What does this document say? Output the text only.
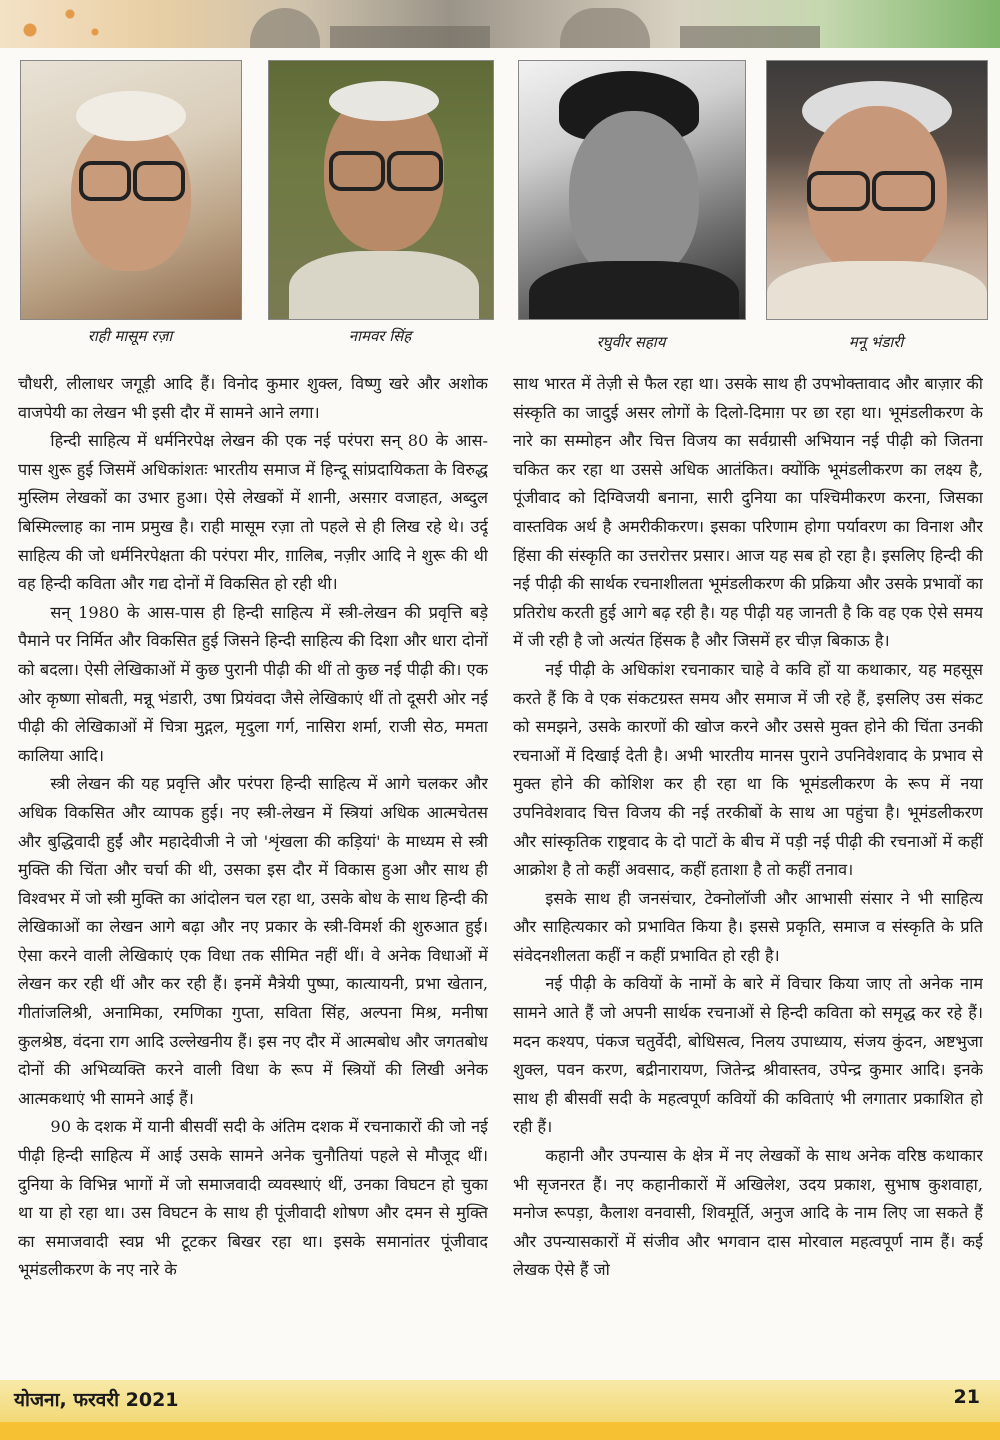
राही मासूम रज़ा	नामवर सिंह	रघुवीर सहाय	मनू भंडारी

चौधरी, लीलाधर जगूड़ी आदि हैं। विनोद कुमार शुक्ल, विष्णु खरे और अशोक वाजपेयी का लेखन भी इसी दौर में सामने आने लगा।

हिन्दी साहित्य में धर्मनिरपेक्ष लेखन की एक नई परंपरा सन् 80 के आस-पास शुरू हुई जिसमें अधिकांशतः भारतीय समाज में हिन्दू सांप्रदायिकता के विरुद्ध मुस्लिम लेखकों का उभार हुआ। ऐसे लेखकों में शानी, असग़र वजाहत, अब्दुल बिस्मिल्लाह का नाम प्रमुख है। राही मासूम रज़ा तो पहले से ही लिख रहे थे। उर्दू साहित्य की जो धर्मनिरपेक्षता की परंपरा मीर, ग़ालिब, नज़ीर आदि ने शुरू की थी वह हिन्दी कविता और गद्य दोनों में विकसित हो रही थी।

सन् 1980 के आस-पास ही हिन्दी साहित्य में स्त्री-लेखन की प्रवृत्ति बड़े पैमाने पर निर्मित और विकसित हुई जिसने हिन्दी साहित्य की दिशा और धारा दोनों को बदला। ऐसी लेखिकाओं में कुछ पुरानी पीढ़ी की थीं तो कुछ नई पीढ़ी की। एक ओर कृष्णा सोबती, मन्नू भंडारी, उषा प्रियंवदा जैसे लेखिकाएं थीं तो दूसरी ओर नई पीढ़ी की लेखिकाओं में चित्रा मुद्गल, मृदुला गर्ग, नासिरा शर्मा, राजी सेठ, ममता कालिया आदि।

स्त्री लेखन की यह प्रवृत्ति और परंपरा हिन्दी साहित्य में आगे चलकर और अधिक विकसित और व्यापक हुई। नए स्त्री-लेखन में स्त्रियां अधिक आत्मचेतस और बुद्धिवादी हुईं और महादेवीजी ने जो 'शृंखला की कड़ियां' के माध्यम से स्त्री मुक्ति की चिंता और चर्चा की थी, उसका इस दौर में विकास हुआ और साथ ही विश्वभर में जो स्त्री मुक्ति का आंदोलन चल रहा था, उसके बोध के साथ हिन्दी की लेखिकाओं का लेखन आगे बढ़ा और नए प्रकार के स्त्री-विमर्श की शुरुआत हुई। ऐसा करने वाली लेखिकाएं एक विधा तक सीमित नहीं थीं। वे अनेक विधाओं में लेखन कर रही थीं और कर रही हैं। इनमें मैत्रेयी पुष्पा, कात्यायनी, प्रभा खेतान, गीतांजलिश्री, अनामिका, रमणिका गुप्ता, सविता सिंह, अल्पना मिश्र, मनीषा कुलश्रेष्ठ, वंदना राग आदि उल्लेखनीय हैं। इस नए दौर में आत्मबोध और जगतबोध दोनों की अभिव्यक्ति करने वाली विधा के रूप में स्त्रियों की लिखी अनेक आत्मकथाएं भी सामने आई हैं।

90 के दशक में यानी बीसवीं सदी के अंतिम दशक में रचनाकारों की जो नई पीढ़ी हिन्दी साहित्य में आई उसके सामने अनेक चुनौतियां पहले से मौजूद थीं। दुनिया के विभिन्न भागों में जो समाजवादी व्यवस्थाएं थीं, उनका विघटन हो चुका था या हो रहा था। उस विघटन के साथ ही पूंजीवादी शोषण और दमन से मुक्ति का समाजवादी स्वप्न भी टूटकर बिखर रहा था। इसके समानांतर पूंजीवाद भूमंडलीकरण के नए नारे के

साथ भारत में तेज़ी से फैल रहा था। उसके साथ ही उपभोक्तावाद और बाज़ार की संस्कृति का जादुई असर लोगों के दिलो-दिमाग़ पर छा रहा था। भूमंडलीकरण के नारे का सम्मोहन और चित्त विजय का सर्वग्रासी अभियान नई पीढ़ी को जितना चकित कर रहा था उससे अधिक आतंकित। क्योंकि भूमंडलीकरण का लक्ष्य है, पूंजीवाद को दिग्विजयी बनाना, सारी दुनिया का पश्चिमीकरण करना, जिसका वास्तविक अर्थ है अमरीकीकरण। इसका परिणाम होगा पर्यावरण का विनाश और हिंसा की संस्कृति का उत्तरोत्तर प्रसार। आज यह सब हो रहा है। इसलिए हिन्दी की नई पीढ़ी की सार्थक रचनाशीलता भूमंडलीकरण की प्रक्रिया और उसके प्रभावों का प्रतिरोध करती हुई आगे बढ़ रही है। यह पीढ़ी यह जानती है कि वह एक ऐसे समय में जी रही है जो अत्यंत हिंसक है और जिसमें हर चीज़ बिकाऊ है।

नई पीढ़ी के अधिकांश रचनाकार चाहे वे कवि हों या कथाकार, यह महसूस करते हैं कि वे एक संकटग्रस्त समय और समाज में जी रहे हैं, इसलिए उस संकट को समझने, उसके कारणों की खोज करने और उससे मुक्त होने की चिंता उनकी रचनाओं में दिखाई देती है। अभी भारतीय मानस पुराने उपनिवेशवाद के प्रभाव से मुक्त होने की कोशिश कर ही रहा था कि भूमंडलीकरण के रूप में नया उपनिवेशवाद चित्त विजय की नई तरकीबों के साथ आ पहुंचा है। भूमंडलीकरण और सांस्कृतिक राष्ट्रवाद के दो पाटों के बीच में पड़ी नई पीढ़ी की रचनाओं में कहीं आक्रोश है तो कहीं अवसाद, कहीं हताशा है तो कहीं तनाव।

इसके साथ ही जनसंचार, टेक्नोलॉजी और आभासी संसार ने भी साहित्य और साहित्यकार को प्रभावित किया है। इससे प्रकृति, समाज व संस्कृति के प्रति संवेदनशीलता कहीं न कहीं प्रभावित हो रही है।

नई पीढ़ी के कवियों के नामों के बारे में विचार किया जाए तो अनेक नाम सामने आते हैं जो अपनी सार्थक रचनाओं से हिन्दी कविता को समृद्ध कर रहे हैं। मदन कश्यप, पंकज चतुर्वेदी, बोधिसत्व, निलय उपाध्याय, संजय कुंदन, अष्टभुजा शुक्ल, पवन करण, बद्रीनारायण, जितेन्द्र श्रीवास्तव, उपेन्द्र कुमार आदि। इनके साथ ही बीसवीं सदी के महत्वपूर्ण कवियों की कविताएं भी लगातार प्रकाशित हो रही हैं।

कहानी और उपन्यास के क्षेत्र में नए लेखकों के साथ अनेक वरिष्ठ कथाकार भी सृजनरत हैं। नए कहानीकारों में अखिलेश, उदय प्रकाश, सुभाष कुशवाहा, मनोज रूपड़ा, कैलाश वनवासी, शिवमूर्ति, अनुज आदि के नाम लिए जा सकते हैं और उपन्यासकारों में संजीव और भगवान दास मोरवाल महत्वपूर्ण नाम हैं। कई लेखक ऐसे हैं जो

योजना, फरवरी 2021	21
